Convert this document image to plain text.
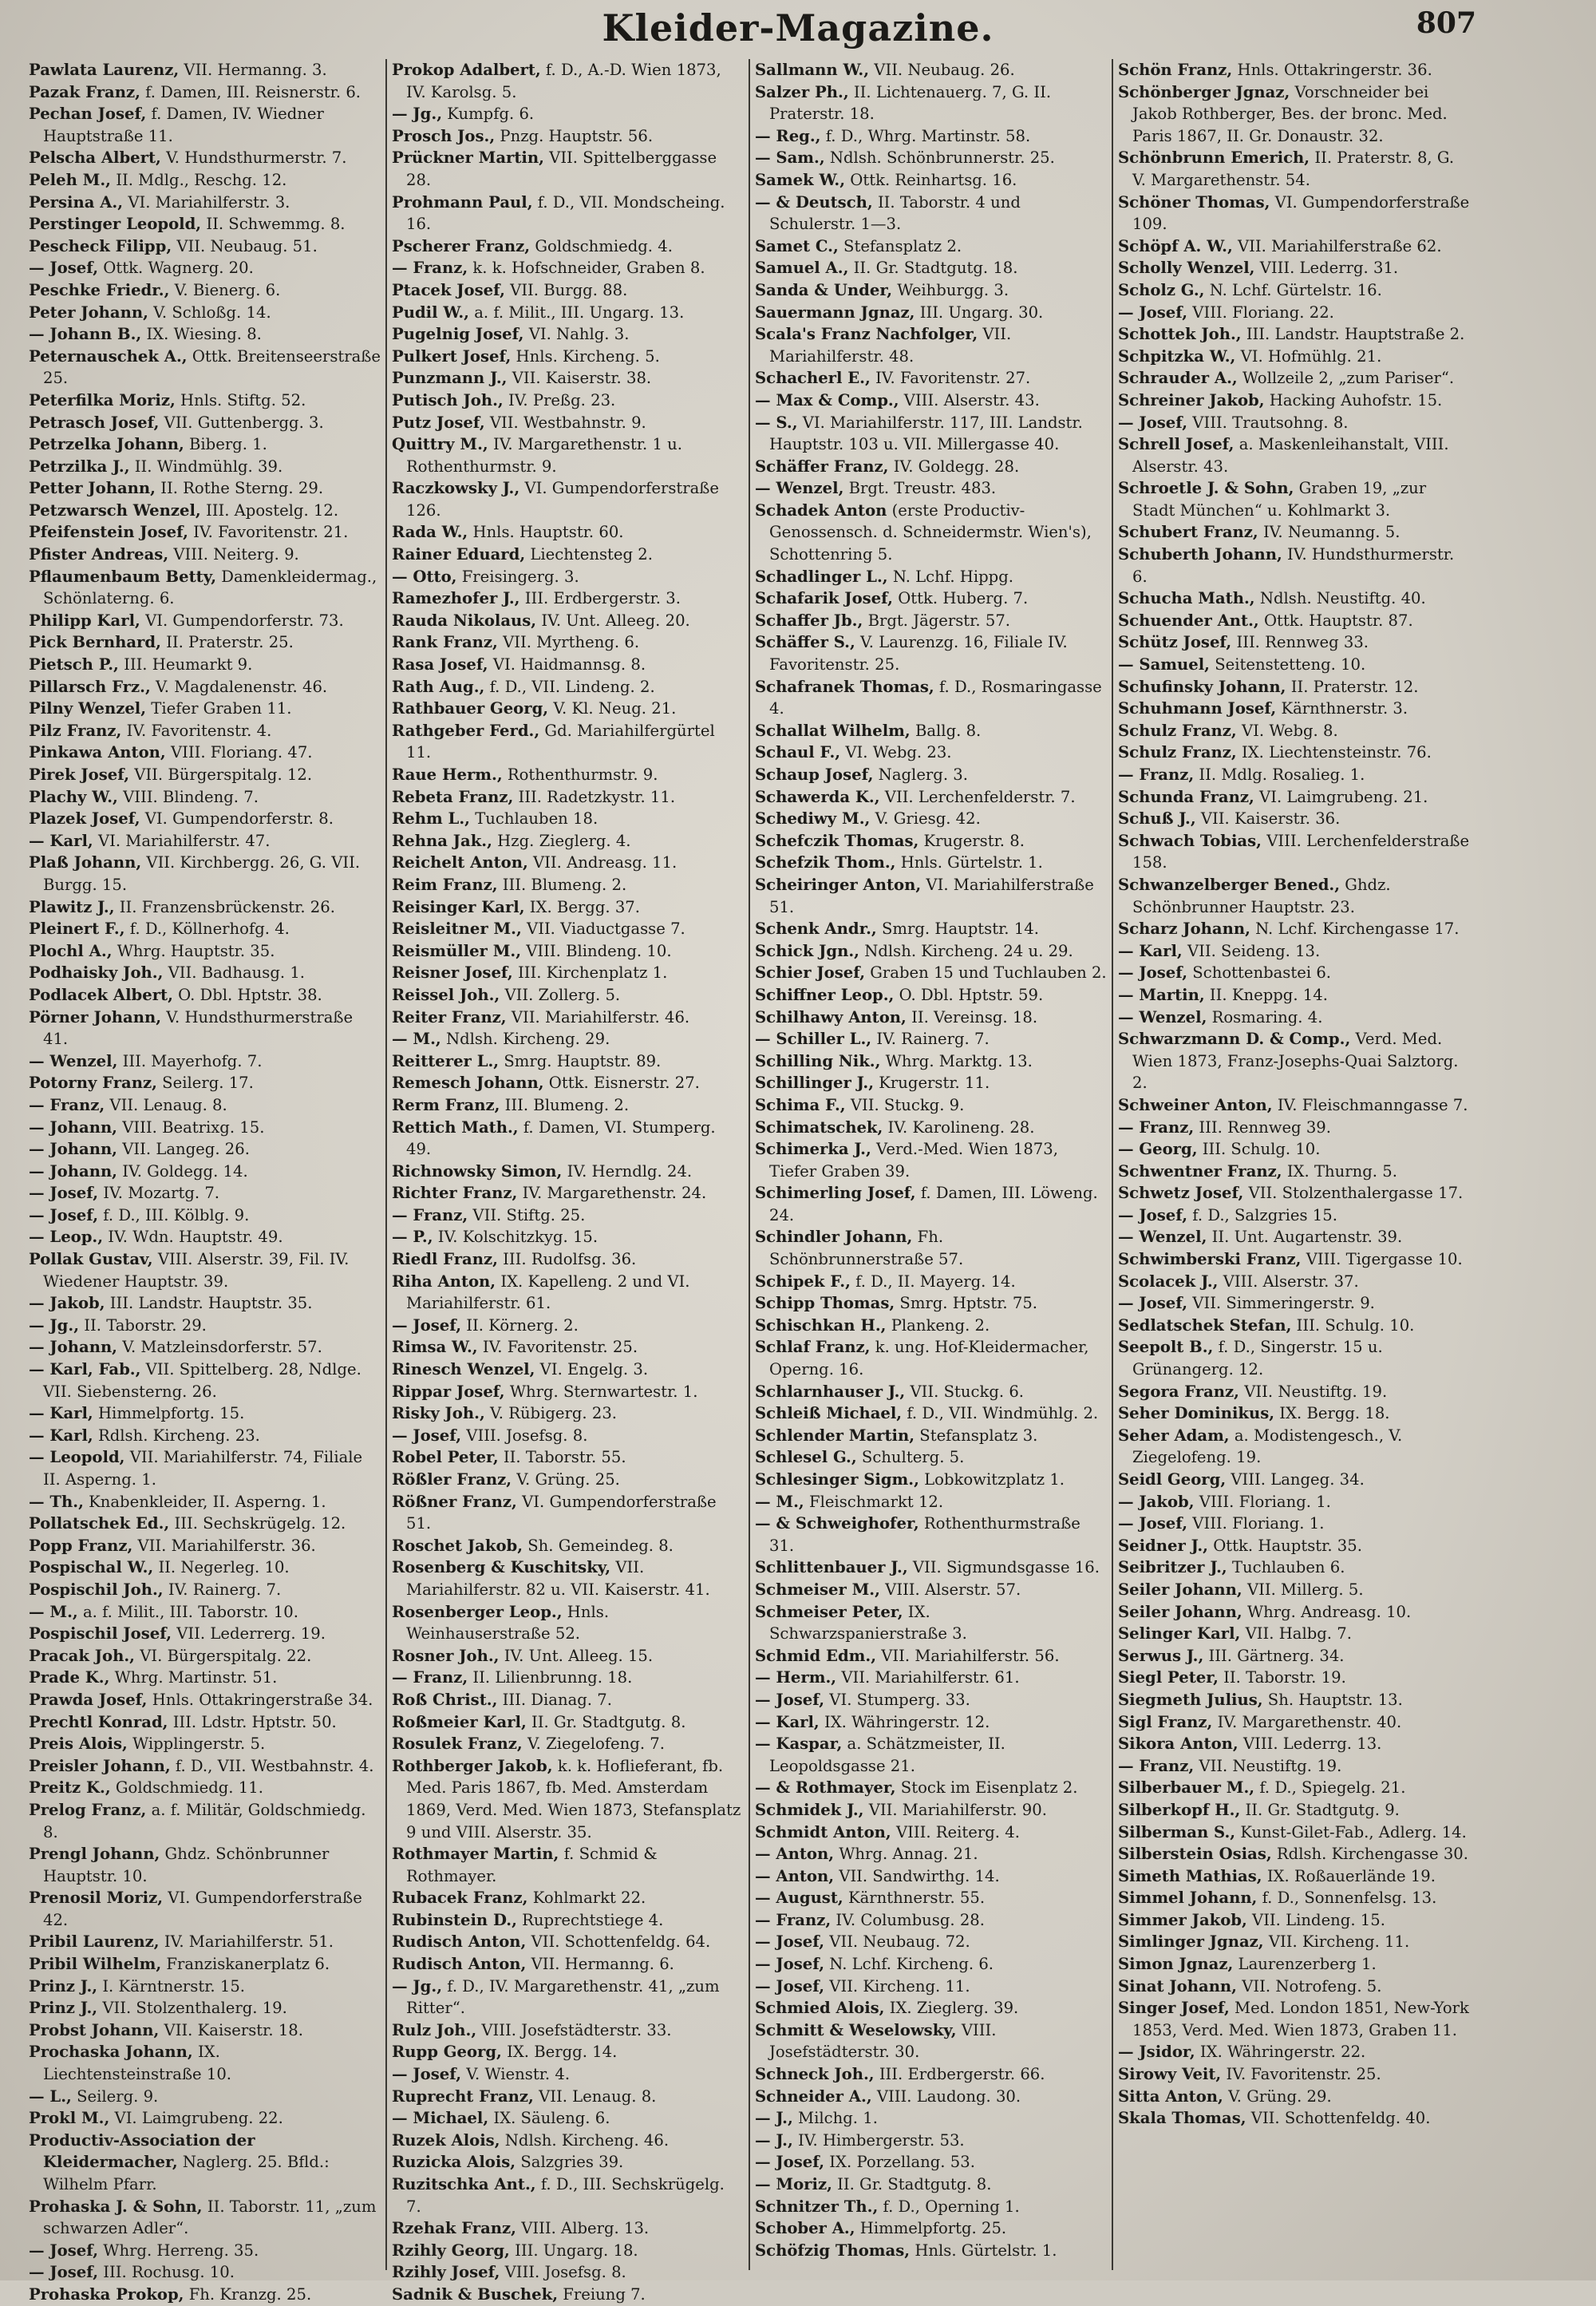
Kleider-Magazine.	807

Pawlata Laurenz, VII. Hermanng. 3.

Pazak Franz, f. Damen, III. Reisnerstr. 6.

Pechan Josef, f. Damen, IV. Wiedner Hauptstraße 11.

Pelscha Albert, V. Hundsthurmerstr. 7.

Peleh M., II. Mdlg., Reschg. 12.

Persina A., VI. Mariahilferstr. 3.

Perstinger Leopold, II. Schwemmg. 8.

Pescheck Filipp, VII. Neubaug. 51.

— Josef, Ottk. Wagnerg. 20.

Peschke Friedr., V. Bienerg. 6.

Peter Johann, V. Schloßg. 14.

— Johann B., IX. Wiesing. 8.

Peternauschek A., Ottk. Breitenseerstraße 25.

Peterfilka Moriz, Hnls. Stiftg. 52.

Petrasch Josef, VII. Guttenbergg. 3.

Petrzelka Johann, Biberg. 1.

Petrzilka J., II. Windmühlg. 39.

Petter Johann, II. Rothe Sterng. 29.

Petzwarsch Wenzel, III. Apostelg. 12.

Pfeifenstein Josef, IV. Favoritenstr. 21.

Pfister Andreas, VIII. Neiterg. 9.

Pflaumenbaum Betty, Damenkleidermag., Schönlaterng. 6.

Philipp Karl, VI. Gumpendorferstr. 73.

Pick Bernhard, II. Praterstr. 25.

Pietsch P., III. Heumarkt 9.

Pillarsch Frz., V. Magdalenenstr. 46.

Pilny Wenzel, Tiefer Graben 11.

Pilz Franz, IV. Favoritenstr. 4.

Pinkawa Anton, VIII. Floriang. 47.

Pirek Josef, VII. Bürgerspitalg. 12.

Plachy W., VIII. Blindeng. 7.

Plazek Josef, VI. Gumpendorferstr. 8.

— Karl, VI. Mariahilferstr. 47.

Plaß Johann, VII. Kirchbergg. 26, G. VII. Burgg. 15.

Plawitz J., II. Franzensbrückenstr. 26.

Pleinert F., f. D., Köllnerhofg. 4.

Plochl A., Whrg. Hauptstr. 35.

Podhaisky Joh., VII. Badhausg. 1.

Podlacek Albert, O. Dbl. Hptstr. 38.

Pörner Johann, V. Hundsthurmerstraße 41.

— Wenzel, III. Mayerhofg. 7.

Potorny Franz, Seilerg. 17.

— Franz, VII. Lenaug. 8.

— Johann, VIII. Beatrixg. 15.

— Johann, VII. Langeg. 26.

— Johann, IV. Goldegg. 14.

— Josef, IV. Mozartg. 7.

— Josef, f. D., III. Kölblg. 9.

— Leop., IV. Wdn. Hauptstr. 49.

Pollak Gustav, VIII. Alserstr. 39, Fil. IV. Wiedener Hauptstr. 39.

— Jakob, III. Landstr. Hauptstr. 35.

— Jg., II. Taborstr. 29.

— Johann, V. Matzleinsdorferstr. 57.

— Karl, Fab., VII. Spittelberg. 28, Ndlge. VII. Siebensterng. 26.

— Karl, Himmelpfortg. 15.

— Karl, Rdlsh. Kircheng. 23.

— Leopold, VII. Mariahilferstr. 74, Filiale II. Asperng. 1.

— Th., Knabenkleider, II. Asperng. 1.

Pollatschek Ed., III. Sechskrügelg. 12.

Popp Franz, VII. Mariahilferstr. 36.

Pospischal W., II. Negerleg. 10.

Pospischil Joh., IV. Rainerg. 7.

— M., a. f. Milit., III. Taborstr. 10.

Pospischil Josef, VII. Lederrerg. 19.

Pracak Joh., VI. Bürgerspitalg. 22.

Prade K., Whrg. Martinstr. 51.

Prawda Josef, Hnls. Ottakringerstraße 34.

Prechtl Konrad, III. Ldstr. Hptstr. 50.

Preis Alois, Wipplingerstr. 5.

Preisler Johann, f. D., VII. Westbahnstr. 4.

Preitz K., Goldschmiedg. 11.

Prelog Franz, a. f. Militär, Goldschmiedg. 8.

Prengl Johann, Ghdz. Schönbrunner Hauptstr. 10.

Prenosil Moriz, VI. Gumpendorferstraße 42.

Pribil Laurenz, IV. Mariahilferstr. 51.

Pribil Wilhelm, Franziskanerplatz 6.

Prinz J., I. Kärntnerstr. 15.

Prinz J., VII. Stolzenthalerg. 19.

Probst Johann, VII. Kaiserstr. 18.

Prochaska Johann, IX. Liechtensteinstraße 10.

— L., Seilerg. 9.

Prokl M., VI. Laimgrubeng. 22.

Productiv-Association der Kleidermacher, Naglerg. 25. Bfld.: Wilhelm Pfarr.

Prohaska J. & Sohn, II. Taborstr. 11, „zum schwarzen Adler“.

— Josef, Whrg. Herreng. 35.

— Josef, III. Rochusg. 10.

Prohaska Prokop, Fh. Kranzg. 25.

Prokop Adalbert, f. D., A.-D. Wien 1873, IV. Karolsg. 5.

— Jg., Kumpfg. 6.

Prosch Jos., Pnzg. Hauptstr. 56.

Prückner Martin, VII. Spittelberggasse 28.

Prohmann Paul, f. D., VII. Mondscheing. 16.

Pscherer Franz, Goldschmiedg. 4.

— Franz, k. k. Hofschneider, Graben 8.

Ptacek Josef, VII. Burgg. 88.

Pudil W., a. f. Milit., III. Ungarg. 13.

Pugelnig Josef, VI. Nahlg. 3.

Pulkert Josef, Hnls. Kircheng. 5.

Punzmann J., VII. Kaiserstr. 38.

Putisch Joh., IV. Preßg. 23.

Putz Josef, VII. Westbahnstr. 9.

Quittry M., IV. Margarethenstr. 1 u. Rothenthurmstr. 9.

Raczkowsky J., VI. Gumpendorferstraße 126.

Rada W., Hnls. Hauptstr. 60.

Rainer Eduard, Liechtensteg 2.

— Otto, Freisingerg. 3.

Ramezhofer J., III. Erdbergerstr. 3.

Rauda Nikolaus, IV. Unt. Alleeg. 20.

Rank Franz, VII. Myrtheng. 6.

Rasa Josef, VI. Haidmannsg. 8.

Rath Aug., f. D., VII. Lindeng. 2.

Rathbauer Georg, V. Kl. Neug. 21.

Rathgeber Ferd., Gd. Mariahilfergürtel 11.

Raue Herm., Rothenthurmstr. 9.

Rebeta Franz, III. Radetzkystr. 11.

Rehm L., Tuchlauben 18.

Rehna Jak., Hzg. Zieglerg. 4.

Reichelt Anton, VII. Andreasg. 11.

Reim Franz, III. Blumeng. 2.

Reisinger Karl, IX. Bergg. 37.

Reisleitner M., VII. Viaductgasse 7.

Reismüller M., VIII. Blindeng. 10.

Reisner Josef, III. Kirchenplatz 1.

Reissel Joh., VII. Zollerg. 5.

Reiter Franz, VII. Mariahilferstr. 46.

— M., Ndlsh. Kircheng. 29.

Reitterer L., Smrg. Hauptstr. 89.

Remesch Johann, Ottk. Eisnerstr. 27.

Rerm Franz, III. Blumeng. 2.

Rettich Math., f. Damen, VI. Stumperg. 49.

Richnowsky Simon, IV. Herndlg. 24.

Richter Franz, IV. Margarethenstr. 24.

— Franz, VII. Stiftg. 25.

— P., IV. Kolschitzkyg. 15.

Riedl Franz, III. Rudolfsg. 36.

Riha Anton, IX. Kapelleng. 2 und VI. Mariahilferstr. 61.

— Josef, II. Körnerg. 2.

Rimsa W., IV. Favoritenstr. 25.

Rinesch Wenzel, VI. Engelg. 3.

Rippar Josef, Whrg. Sternwartestr. 1.

Risky Joh., V. Rübigerg. 23.

— Josef, VIII. Josefsg. 8.

Robel Peter, II. Taborstr. 55.

Rößler Franz, V. Grüng. 25.

Rößner Franz, VI. Gumpendorferstraße 51.

Roschet Jakob, Sh. Gemeindeg. 8.

Rosenberg & Kuschitsky, VII. Mariahilferstr. 82 u. VII. Kaiserstr. 41.

Rosenberger Leop., Hnls. Weinhauserstraße 52.

Rosner Joh., IV. Unt. Alleeg. 15.

— Franz, II. Lilienbrunng. 18.

Roß Christ., III. Dianag. 7.

Roßmeier Karl, II. Gr. Stadtgutg. 8.

Rosulek Franz, V. Ziegelofeng. 7.

Rothberger Jakob, k. k. Hoflieferant, fb. Med. Paris 1867, fb. Med. Amsterdam 1869, Verd. Med. Wien 1873, Stefansplatz 9 und VIII. Alserstr. 35.

Rothmayer Martin, f. Schmid & Rothmayer.

Rubacek Franz, Kohlmarkt 22.

Rubinstein D., Ruprechtstiege 4.

Rudisch Anton, VII. Schottenfeldg. 64.

Rudisch Anton, VII. Hermanng. 6.

— Jg., f. D., IV. Margarethenstr. 41, „zum Ritter“.

Rulz Joh., VIII. Josefstädterstr. 33.

Rupp Georg, IX. Bergg. 14.

— Josef, V. Wienstr. 4.

Ruprecht Franz, VII. Lenaug. 8.

— Michael, IX. Säuleng. 6.

Ruzek Alois, Ndlsh. Kircheng. 46.

Ruzicka Alois, Salzgries 39.

Ruzitschka Ant., f. D., III. Sechskrügelg. 7.

Rzehak Franz, VIII. Alberg. 13.

Rzihly Georg, III. Ungarg. 18.

Rzihly Josef, VIII. Josefsg. 8.

Sadnik & Buschek, Freiung 7.

Sallmann W., VII. Neubaug. 26.

Salzer Ph., II. Lichtenauerg. 7, G. II. Praterstr. 18.

— Reg., f. D., Whrg. Martinstr. 58.

— Sam., Ndlsh. Schönbrunnerstr. 25.

Samek W., Ottk. Reinhartsg. 16.

— & Deutsch, II. Taborstr. 4 und Schulerstr. 1—3.

Samet C., Stefansplatz 2.

Samuel A., II. Gr. Stadtgutg. 18.

Sanda & Under, Weihburgg. 3.

Sauermann Jgnaz, III. Ungarg. 30.

Scala's Franz Nachfolger, VII. Mariahilferstr. 48.

Schacherl E., IV. Favoritenstr. 27.

— Max & Comp., VIII. Alserstr. 43.

— S., VI. Mariahilferstr. 117, III. Landstr. Hauptstr. 103 u. VII. Millergasse 40.

Schäffer Franz, IV. Goldegg. 28.

— Wenzel, Brgt. Treustr. 483.

Schadek Anton (erste Productiv-Genossensch. d. Schneidermstr. Wien's), Schottenring 5.

Schadlinger L., N. Lchf. Hippg.

Schafarik Josef, Ottk. Huberg. 7.

Schaffer Jb., Brgt. Jägerstr. 57.

Schäffer S., V. Laurenzg. 16, Filiale IV. Favoritenstr. 25.

Schafranek Thomas, f. D., Rosmaringasse 4.

Schallat Wilhelm, Ballg. 8.

Schaul F., VI. Webg. 23.

Schaup Josef, Naglerg. 3.

Schawerda K., VII. Lerchenfelderstr. 7.

Schediwy M., V. Griesg. 42.

Schefczik Thomas, Krugerstr. 8.

Schefzik Thom., Hnls. Gürtelstr. 1.

Scheiringer Anton, VI. Mariahilferstraße 51.

Schenk Andr., Smrg. Hauptstr. 14.

Schick Jgn., Ndlsh. Kircheng. 24 u. 29.

Schier Josef, Graben 15 und Tuchlauben 2.

Schiffner Leop., O. Dbl. Hptstr. 59.

Schilhawy Anton, II. Vereinsg. 18.

— Schiller L., IV. Rainerg. 7.

Schilling Nik., Whrg. Marktg. 13.

Schillinger J., Krugerstr. 11.

Schima F., VII. Stuckg. 9.

Schimatschek, IV. Karolineng. 28.

Schimerka J., Verd.-Med. Wien 1873, Tiefer Graben 39.

Schimerling Josef, f. Damen, III. Löweng. 24.

Schindler Johann, Fh. Schönbrunnerstraße 57.

Schipek F., f. D., II. Mayerg. 14.

Schipp Thomas, Smrg. Hptstr. 75.

Schischkan H., Plankeng. 2.

Schlaf Franz, k. ung. Hof-Kleidermacher, Operng. 16.

Schlarnhauser J., VII. Stuckg. 6.

Schleiß Michael, f. D., VII. Windmühlg. 2.

Schlender Martin, Stefansplatz 3.

Schlesel G., Schulterg. 5.

Schlesinger Sigm., Lobkowitzplatz 1.

— M., Fleischmarkt 12.

— & Schweighofer, Rothenthurmstraße 31.

Schlittenbauer J., VII. Sigmundsgasse 16.

Schmeiser M., VIII. Alserstr. 57.

Schmeiser Peter, IX. Schwarzspanierstraße 3.

Schmid Edm., VII. Mariahilferstr. 56.

— Herm., VII. Mariahilferstr. 61.

— Josef, VI. Stumperg. 33.

— Karl, IX. Währingerstr. 12.

— Kaspar, a. Schätzmeister, II. Leopoldsgasse 21.

— & Rothmayer, Stock im Eisenplatz 2.

Schmidek J., VII. Mariahilferstr. 90.

Schmidt Anton, VIII. Reiterg. 4.

— Anton, Whrg. Annag. 21.

— Anton, VII. Sandwirthg. 14.

— August, Kärnthnerstr. 55.

— Franz, IV. Columbusg. 28.

— Josef, VII. Neubaug. 72.

— Josef, N. Lchf. Kircheng. 6.

— Josef, VII. Kircheng. 11.

Schmied Alois, IX. Zieglerg. 39.

Schmitt & Weselowsky, VIII. Josefstädterstr. 30.

Schneck Joh., III. Erdbergerstr. 66.

Schneider A., VIII. Laudong. 30.

— J., Milchg. 1.

— J., IV. Himbergerstr. 53.

— Josef, IX. Porzellang. 53.

— Moriz, II. Gr. Stadtgutg. 8.

Schnitzer Th., f. D., Operning 1.

Schober A., Himmelpfortg. 25.

Schöfzig Thomas, Hnls. Gürtelstr. 1.

Schön Franz, Hnls. Ottakringerstr. 36.

Schönberger Jgnaz, Vorschneider bei Jakob Rothberger, Bes. der bronc. Med. Paris 1867, II. Gr. Donaustr. 32.

Schönbrunn Emerich, II. Praterstr. 8, G. V. Margarethenstr. 54.

Schöner Thomas, VI. Gumpendorferstraße 109.

Schöpf A. W., VII. Mariahilferstraße 62.

Scholly Wenzel, VIII. Lederrg. 31.

Scholz G., N. Lchf. Gürtelstr. 16.

— Josef, VIII. Floriang. 22.

Schottek Joh., III. Landstr. Hauptstraße 2.

Schpitzka W., VI. Hofmühlg. 21.

Schrauder A., Wollzeile 2, „zum Pariser“.

Schreiner Jakob, Hacking Auhofstr. 15.

— Josef, VIII. Trautsohng. 8.

Schrell Josef, a. Maskenleihanstalt, VIII. Alserstr. 43.

Schroetle J. & Sohn, Graben 19, „zur Stadt München“ u. Kohlmarkt 3.

Schubert Franz, IV. Neumanng. 5.

Schuberth Johann, IV. Hundsthurmerstr. 6.

Schucha Math., Ndlsh. Neustiftg. 40.

Schuender Ant., Ottk. Hauptstr. 87.

Schütz Josef, III. Rennweg 33.

— Samuel, Seitenstetteng. 10.

Schufinsky Johann, II. Praterstr. 12.

Schuhmann Josef, Kärnthnerstr. 3.

Schulz Franz, VI. Webg. 8.

Schulz Franz, IX. Liechtensteinstr. 76.

— Franz, II. Mdlg. Rosalieg. 1.

Schunda Franz, VI. Laimgrubeng. 21.

Schuß J., VII. Kaiserstr. 36.

Schwach Tobias, VIII. Lerchenfelderstraße 158.

Schwanzelberger Bened., Ghdz. Schönbrunner Hauptstr. 23.

Scharz Johann, N. Lchf. Kirchengasse 17.

— Karl, VII. Seideng. 13.

— Josef, Schottenbastei 6.

— Martin, II. Kneppg. 14.

— Wenzel, Rosmaring. 4.

Schwarzmann D. & Comp., Verd. Med. Wien 1873, Franz-Josephs-Quai Salztorg. 2.

Schweiner Anton, IV. Fleischmanngasse 7.

— Franz, III. Rennweg 39.

— Georg, III. Schulg. 10.

Schwentner Franz, IX. Thurng. 5.

Schwetz Josef, VII. Stolzenthalergasse 17.

— Josef, f. D., Salzgries 15.

— Wenzel, II. Unt. Augartenstr. 39.

Schwimberski Franz, VIII. Tigergasse 10.

Scolacek J., VIII. Alserstr. 37.

— Josef, VII. Simmeringerstr. 9.

Sedlatschek Stefan, III. Schulg. 10.

Seepolt B., f. D., Singerstr. 15 u. Grünangerg. 12.

Segora Franz, VII. Neustiftg. 19.

Seher Dominikus, IX. Bergg. 18.

Seher Adam, a. Modistengesch., V. Ziegelofeng. 19.

Seidl Georg, VIII. Langeg. 34.

— Jakob, VIII. Floriang. 1.

— Josef, VIII. Floriang. 1.

Seidner J., Ottk. Hauptstr. 35.

Seibritzer J., Tuchlauben 6.

Seiler Johann, VII. Millerg. 5.

Seiler Johann, Whrg. Andreasg. 10.

Selinger Karl, VII. Halbg. 7.

Serwus J., III. Gärtnerg. 34.

Siegl Peter, II. Taborstr. 19.

Siegmeth Julius, Sh. Hauptstr. 13.

Sigl Franz, IV. Margarethenstr. 40.

Sikora Anton, VIII. Lederrg. 13.

— Franz, VII. Neustiftg. 19.

Silberbauer M., f. D., Spiegelg. 21.

Silberkopf H., II. Gr. Stadtgutg. 9.

Silberman S., Kunst-Gilet-Fab., Adlerg. 14.

Silberstein Osias, Rdlsh. Kirchengasse 30.

Simeth Mathias, IX. Roßauerlände 19.

Simmel Johann, f. D., Sonnenfelsg. 13.

Simmer Jakob, VII. Lindeng. 15.

Simlinger Jgnaz, VII. Kircheng. 11.

Simon Jgnaz, Laurenzerberg 1.

Sinat Johann, VII. Notrofeng. 5.

Singer Josef, Med. London 1851, New-York 1853, Verd. Med. Wien 1873, Graben 11.

— Jsidor, IX. Währingerstr. 22.

Sirowy Veit, IV. Favoritenstr. 25.

Sitta Anton, V. Grüng. 29.

Skala Thomas, VII. Schottenfeldg. 40.
